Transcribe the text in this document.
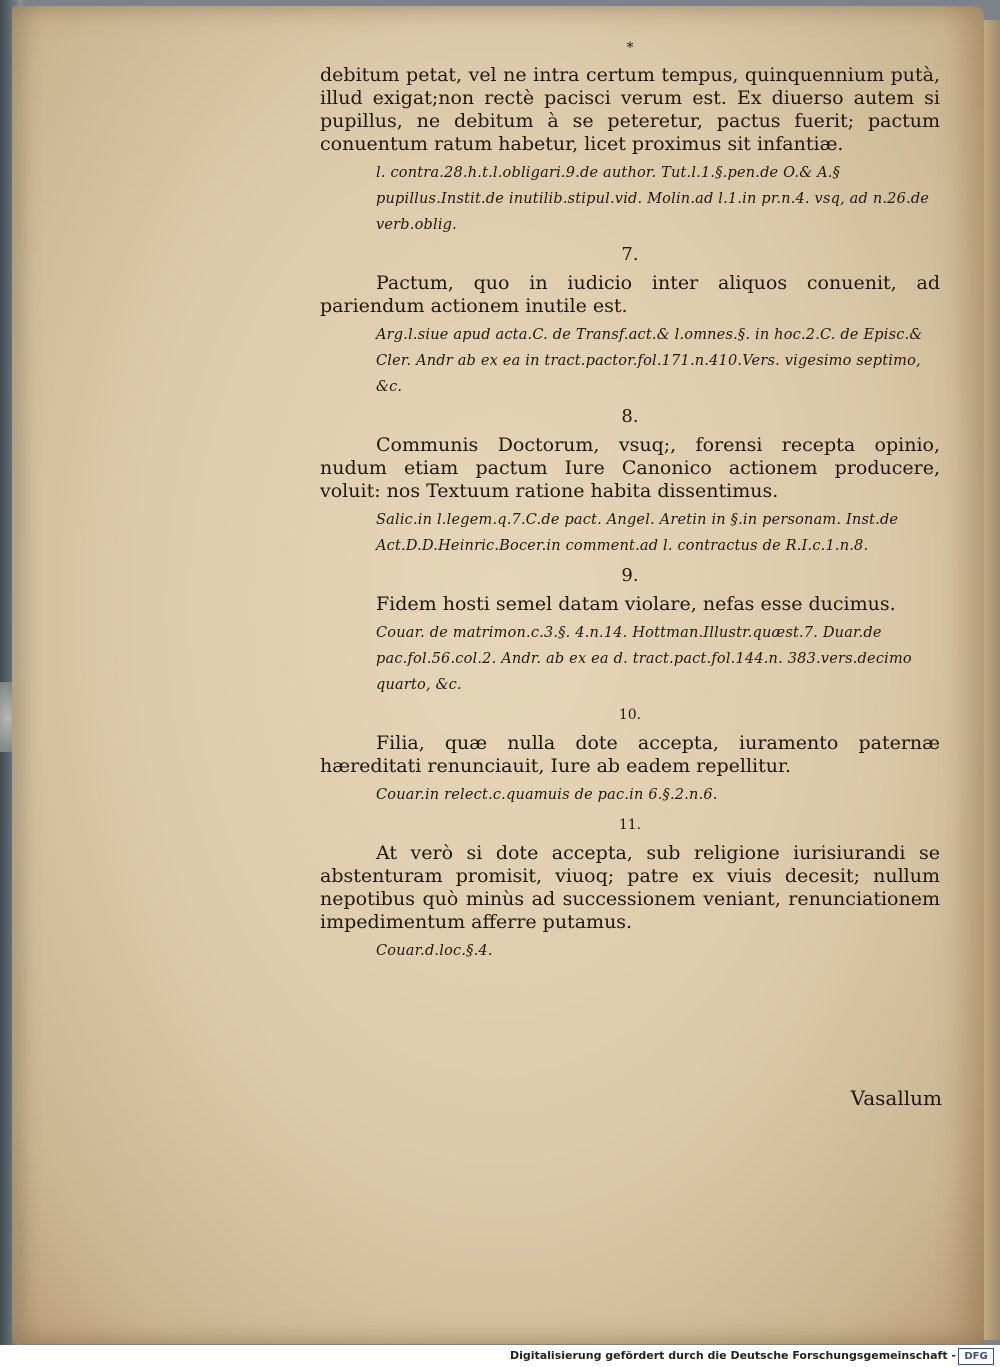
*

debitum petat, vel ne intra certum tempus, quinquennium putà, illud exigat;non rectè pacisci verum est. Ex diuerso autem si pupillus, ne debitum à se peteretur, pactus fuerit; pactum conuentum ratum habetur, licet proximus sit infantiæ.

l. contra.28.h.t.l.obligari.9.de author. Tut.l.1.§.pen.de O.& A.§ pupillus.Instit.de inutilib.stipul.vid. Molin.ad l.1.in pr.n.4. vsq, ad n.26.de verb.oblig.

7.

Pactum, quo in iudicio inter aliquos conuenit, ad pariendum actionem inutile est.

Arg.l.siue apud acta.C. de Transf.act.& l.omnes.§. in hoc.2.C. de Episc.& Cler. Andr ab ex ea in tract.pactor.fol.171.n.410.Vers. vigesimo septimo, &c.

8.

Communis Doctorum, vsuq;, forensi recepta opinio, nudum etiam pactum Iure Canonico actionem producere, voluit: nos Textuum ratione habita dissentimus.

Salic.in l.legem.q.7.C.de pact. Angel. Aretin in §.in personam. Inst.de Act.D.D.Heinric.Bocer.in comment.ad l. contractus de R.I.c.1.n.8.

9.

Fidem hosti semel datam violare, nefas esse ducimus.

Couar. de matrimon.c.3.§. 4.n.14. Hottman.Illustr.quæst.7. Duar.de pac.fol.56.col.2. Andr. ab ex ea d. tract.pact.fol.144.n. 383.vers.decimo quarto, &c.

10.

Filia, quæ nulla dote accepta, iuramento paternæ hæreditati renunciauit, Iure ab eadem repellitur.

Couar.in relect.c.quamuis de pac.in 6.§.2.n.6.

11.

At verò si dote accepta, sub religione iurisiurandi se abstenturam promisit, viuoq; patre ex viuis decesit; nullum nepotibus quò minùs ad successionem veniant, renunciationem impedimentum afferre putamus.

Couar.d.loc.§.4.

Vasallum
Digitalisierung gefördert durch die Deutsche Forschungsgemeinschaft - DFG
